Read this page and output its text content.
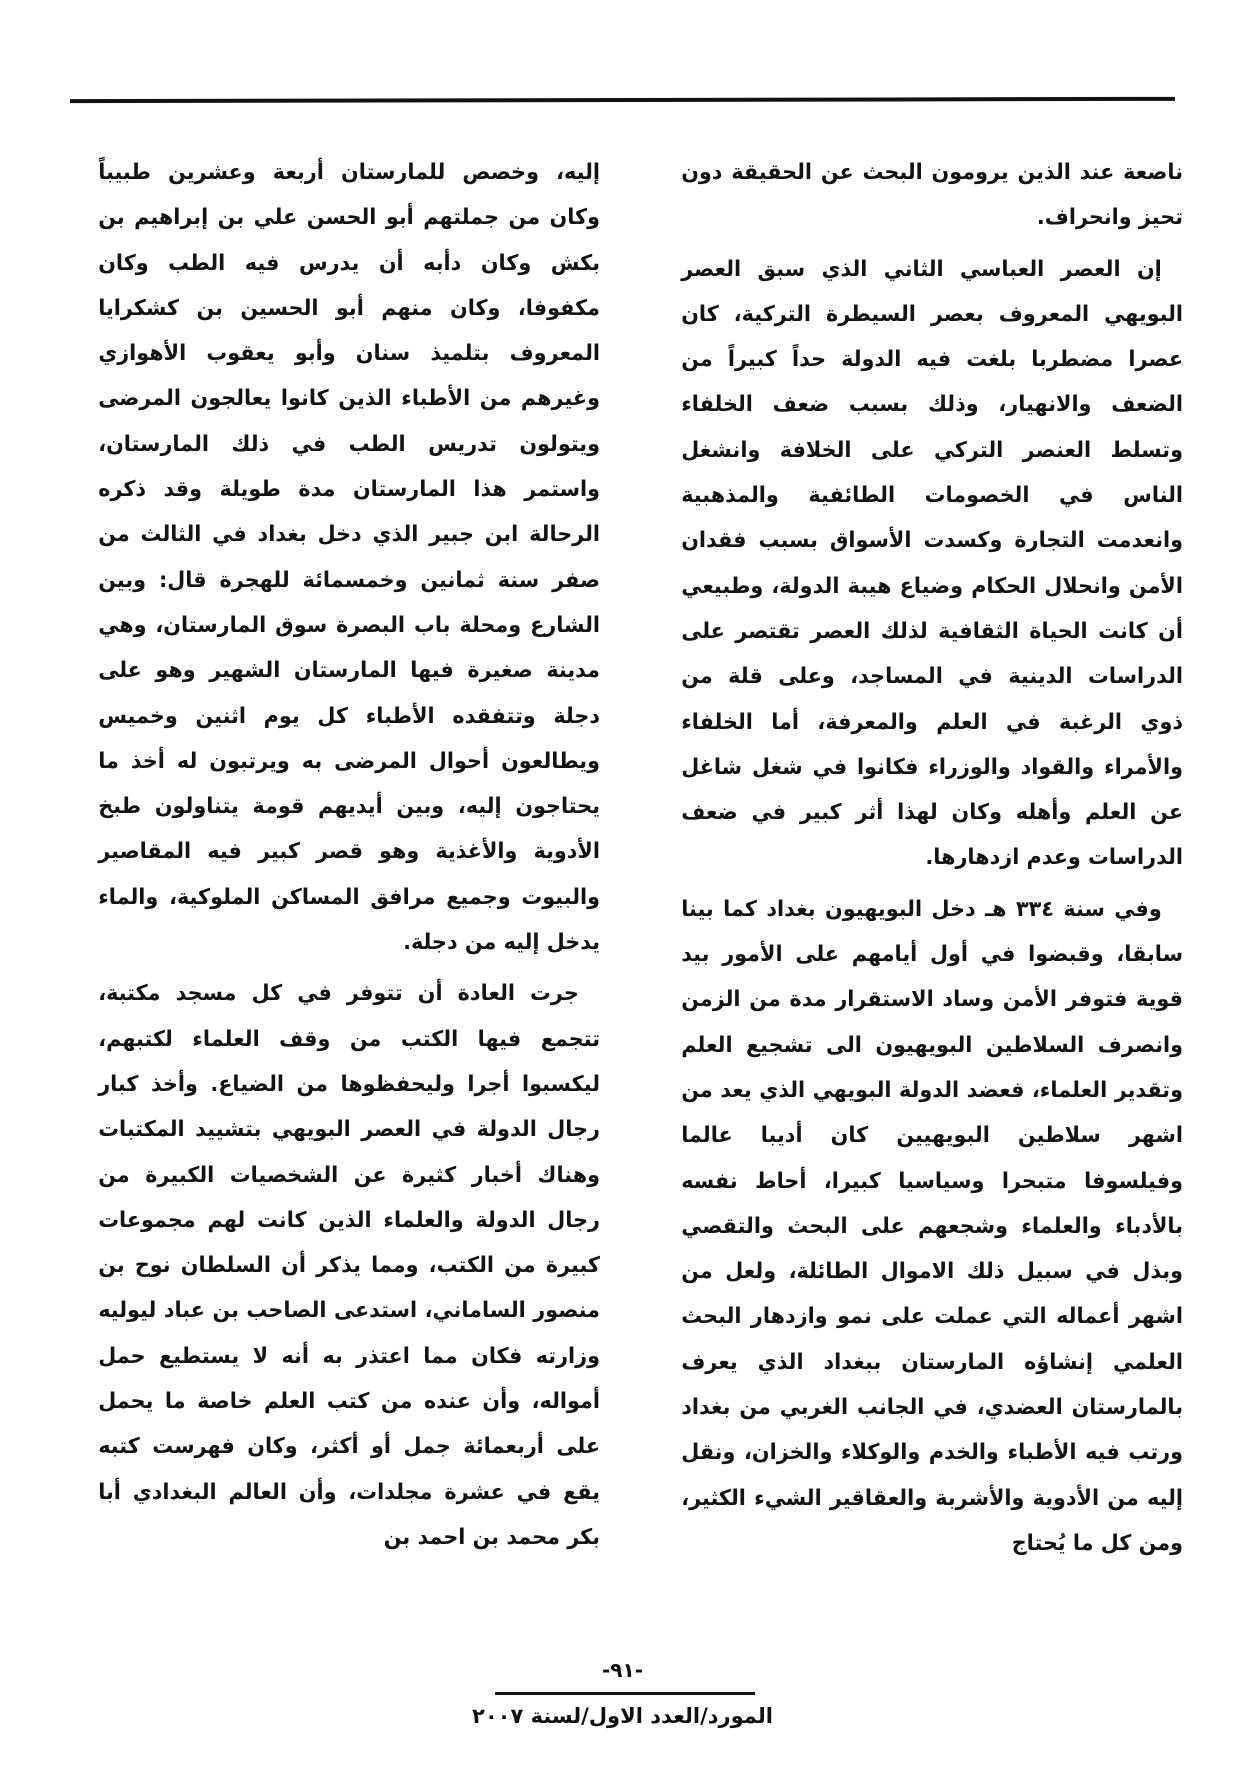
ناصعة عند الذين يرومون البحث عن الحقيقة دون تحيز وانحراف.

إن العصر العباسي الثاني الذي سبق العصر البويهي المعروف بعصر السيطرة التركية، كان عصرا مضطربا بلغت فيه الدولة حداً كبيراً من الضعف والانهيار، وذلك بسبب ضعف الخلفاء وتسلط العنصر التركي على الخلافة وانشغل الناس في الخصومات الطائفية والمذهبية وانعدمت التجارة وكسدت الأسواق بسبب فقدان الأمن وانحلال الحكام وضياع هيبة الدولة، وطبيعي أن كانت الحياة الثقافية لذلك العصر تقتصر على الدراسات الدينية في المساجد، وعلى قلة من ذوي الرغبة في العلم والمعرفة، أما الخلفاء والأمراء والقواد والوزراء فكانوا في شغل شاغل عن العلم وأهله وكان لهذا أثر كبير في ضعف الدراسات وعدم ازدهارها.

وفي سنة ٣٣٤ هـ دخل البويهيون بغداد كما بينا سابقا، وقبضوا في أول أيامهم على الأمور بيد قوية فتوفر الأمن وساد الاستقرار مدة من الزمن وانصرف السلاطين البويهيون الى تشجيع العلم وتقدير العلماء، فعضد الدولة البويهي الذي يعد من اشهر سلاطين البويهيين كان أديبا عالما وفيلسوفا متبحرا وسياسيا كبيرا، أحاط نفسه بالأدباء والعلماء وشجعهم على البحث والتقصي وبذل في سبيل ذلك الاموال الطائلة، ولعل من اشهر أعماله التي عملت على نمو وازدهار البحث العلمي إنشاؤه المارستان ببغداد الذي يعرف بالمارستان العضدي، في الجانب الغربي من بغداد ورتب فيه الأطباء والخدم والوكلاء والخزان، ونقل إليه من الأدوية والأشربة والعقاقير الشيء الكثير، ومن كل ما يُحتاج

إليه، وخصص للمارستان أربعة وعشرين طبيباً وكان من جملتهم أبو الحسن علي بن إبراهيم بن بكش وكان دأبه أن يدرس فيه الطب وكان مكفوفا، وكان منهم أبو الحسين بن كشكرايا المعروف بتلميذ سنان وأبو يعقوب الأهوازي وغيرهم من الأطباء الذين كانوا يعالجون المرضى ويتولون تدريس الطب في ذلك المارستان، واستمر هذا المارستان مدة طويلة وقد ذكره الرحالة ابن جبير الذي دخل بغداد في الثالث من صفر سنة ثمانين وخمسمائة للهجرة قال: وبين الشارع ومحلة باب البصرة سوق المارستان، وهي مدينة صغيرة فيها المارستان الشهير وهو على دجلة وتتفقده الأطباء كل يوم اثنين وخميس ويطالعون أحوال المرضى به ويرتبون له أخذ ما يحتاجون إليه، وبين أيديهم قومة يتناولون طبخ الأدوية والأغذية وهو قصر كبير فيه المقاصير والبيوت وجميع مرافق المساكن الملوكية، والماء يدخل إليه من دجلة.

جرت العادة أن تتوفر في كل مسجد مكتبة، تتجمع فيها الكتب من وقف العلماء لكتبهم، ليكسبوا أجرا وليحفظوها من الضياع. وأخذ كبار رجال الدولة في العصر البويهي بتشييد المكتبات وهناك أخبار كثيرة عن الشخصيات الكبيرة من رجال الدولة والعلماء الذين كانت لهم مجموعات كبيرة من الكتب، ومما يذكر أن السلطان نوح بن منصور الساماني، استدعى الصاحب بن عباد ليوليه وزارته فكان مما اعتذر به أنه لا يستطيع حمل أمواله، وأن عنده من كتب العلم خاصة ما يحمل على أربعمائة جمل أو أكثر، وكان فهرست كتبه يقع في عشرة مجلدات، وأن العالم البغدادي أبا بكر محمد بن احمد بن

-٩١-
المورد/العدد الاول/لسنة ٢٠٠٧
